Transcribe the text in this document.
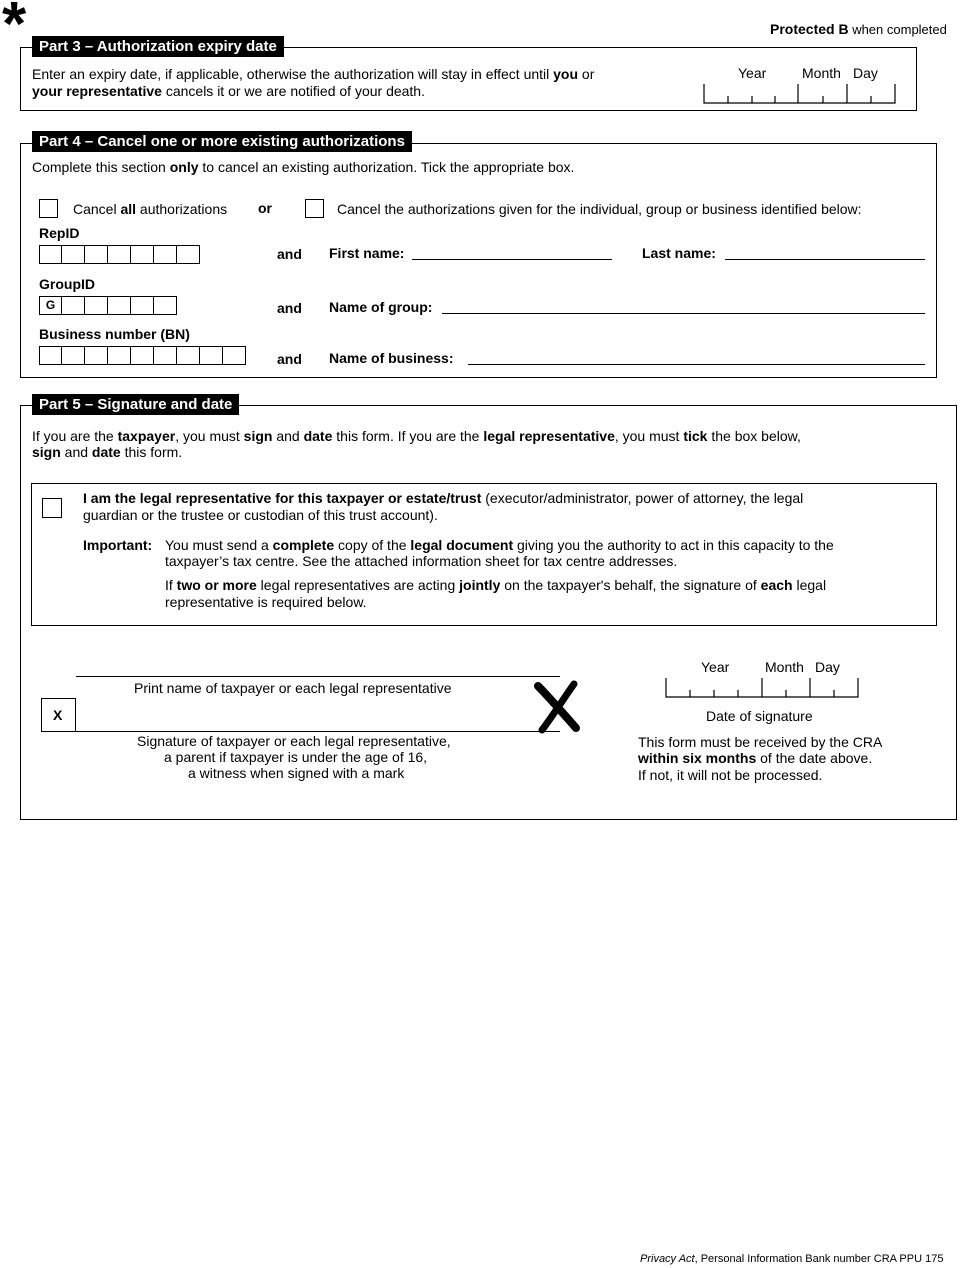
*	Protected B when completed
Part 3 – Authorization expiry date
Enter an expiry date, if applicable, otherwise the authorization will stay in effect until you or
your representative cancels it or we are notified of your death.
Year	Month Day
Part 4 – Cancel one or more existing authorizations
Complete this section only to cancel an existing authorization. Tick the appropriate box.
Cancel all authorizations or	Cancel the authorizations given for the individual, group or business identified below:
RepID
and First name:	Last name:
GroupID
G	and Name of group:
Business number (BN)
and Name of business:
Part 5 – Signature and date
If you are the taxpayer, you must sign and date this form. If you are the legal representative, you must tick the box below,
sign and date this form.
I am the legal representative for this taxpayer or estate/trust (executor/administrator, power of attorney, the legal
guardian or the trustee or custodian of this trust account).
Important: You must send a complete copy of the legal document giving you the authority to act in this capacity to the
taxpayer’s tax centre. See the attached information sheet for tax centre addresses.
If two or more legal representatives are acting jointly on the taxpayer's behalf, the signature of each legal
representative is required below.
X
Print name of taxpayer or each legal representative
Signature of taxpayer or each legal representative,
a parent if taxpayer is under the age of 16,
a witness when signed with a mark
Year	Month Day
Date of signature
This form must be received by the CRA
within six months of the date above.
If not, it will not be processed.
Privacy Act, Personal Information Bank number CRA PPU 175
